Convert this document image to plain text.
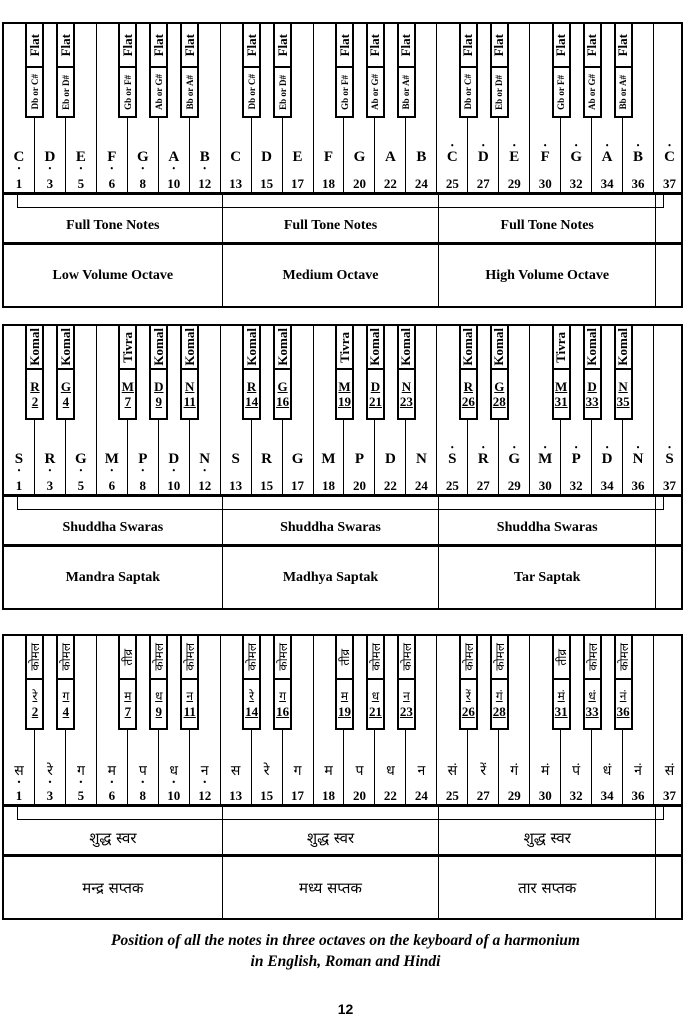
C •
1
D •
3
E •
5
F •
6
G •
8
A •
10
B •
12
C
13
D
15
E
17
F
18
G
20
A
22
B
24
• C
25
• D
27
• E
29
• F
30
• G
32
• A
34
• B
36
• C
37
Flat
Db or C#
Flat
Eb or D#
Flat
Gb or F#
Flat
Ab or G#
Flat
Bb or A#
Flat
Db or C#
Flat
Eb or D#
Flat
Gb or F#
Flat
Ab or G#
Flat
Bb or A#
Flat
Db or C#
Flat
Eb or D#
Flat
Gb or F#
Flat
Ab or G#
Flat
Bb or A#
Full Tone Notes	Full Tone Notes	Full Tone Notes
Low Volume Octave	Medium Octave	High Volume Octave
S •
1
R •
3
G •
5
M •
6
P •
8
D •
10
N •
12
S
13
R
15
G
17
M
18
P
20
D
22
N
24
• S
25
• R
27
• G
29
• M
30
• P
32
• D
34
• N
36
• S
37
Komal
R
2
Komal
G
4
Tivra
M
7
Komal
D
9
Komal
N
11
Komal
R
14
Komal
G
16
Tivra
M
19
Komal
D
21
Komal
N
23
Komal
R
26
Komal
G
28
Tivra
M
31
Komal
D
33
Komal
N
35
Shuddha Swaras	Shuddha Swaras	Shuddha Swaras
Mandra Saptak	Madhya Saptak	Tar Saptak
स •
1
रे •
3
ग •
5
म •
6
प •
8
ध •
10
न •
12
स
13
रे
15
ग
17
म
18
प
20
ध
22
न
24
सं
25
रें
27
गं
29
मं
30
पं
32
धं
34
नं
36
सं
37
कोमल
रे
2
कोमल
ग
4
तीव्र
म
7
कोमल
ध
9
कोमल
न
11
कोमल
रे
14
कोमल
ग
16
तीव्र
म
19
कोमल
ध
21
कोमल
न
23
कोमल
रें
26
कोमल
गं
28
तीव्र
मं
31
कोमल
धं
33
कोमल
नं
36
शुद्ध स्वर	शुद्ध स्वर	शुद्ध स्वर
मन्द्र सप्तक	मध्य सप्तक	तार सप्तक
Position of all the notes in three octaves on the keyboard of a harmonium
in English, Roman and Hindi
12
